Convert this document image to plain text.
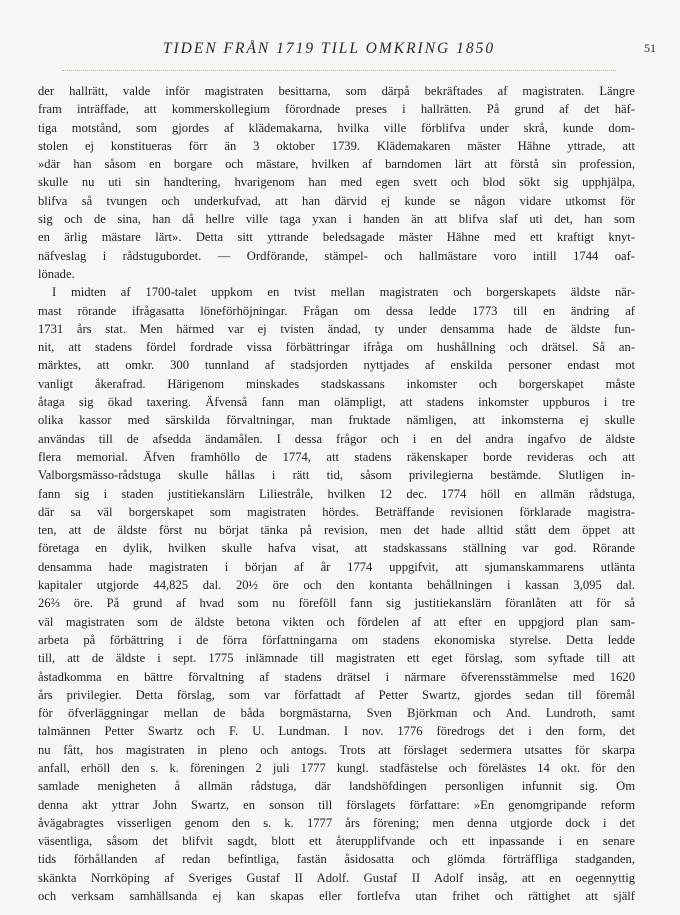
TIDEN FRÅN 1719 TILL OMKRING 1850	51
der hallrätt, valde inför magistraten besittarna, som därpå bekräftades af magistraten. Längre
fram inträffade, att kommerskollegium förordnade preses i hallrätten. På grund af det häf-
tiga motstånd, som gjordes af klädemakarna, hvilka ville förblifva under skrå, kunde dom-
stolen ej konstitueras förr än 3 oktober 1739. Klädemakaren mäster Hähne yttrade, att
»där han såsom en borgare och mästare, hvilken af barndomen lärt att förstå sin profession,
skulle nu uti sin handtering, hvarigenom han med egen svett och blod sökt sig upphjälpa,
blifva så tvungen och underkufvad, att han därvid ej kunde se någon vidare utkomst för
sig och de sina, han då hellre ville taga yxan i handen än att blifva slaf uti det, han som
en ärlig mästare lärt». Detta sitt yttrande beledsagade mäster Hähne med ett kraftigt knyt-
näfveslag i rådstugubordet. — Ordförande, stämpel- och hallmästare voro intill 1744 oaf-
lönade.
I midten af 1700-talet uppkom en tvist mellan magistraten och borgerskapets äldste när-
mast rörande ifrågasatta löneförhöjningar. Frågan om dessa ledde 1773 till en ändring af
1731 års stat. Men härmed var ej tvisten ändad, ty under densamma hade de äldste fun-
nit, att stadens fördel fordrade vissa förbättringar ifråga om hushållning och drätsel. Så an-
märktes, att omkr. 300 tunnland af stadsjorden nyttjades af enskilda personer endast mot
vanligt åkerafrad. Härigenom minskades stadskassans inkomster och borgerskapet måste
åtaga sig ökad taxering. Äfvenså fann man olämpligt, att stadens inkomster uppburos i tre
olika kassor med särskilda förvaltningar, man fruktade nämligen, att inkomsterna ej skulle
användas till de afsedda ändamålen. I dessa frågor och i en del andra ingafvo de äldste
flera memorial. Äfven framhöllo de 1774, att stadens räkenskaper borde revideras och att
Valborgsmässo-rådstuga skulle hållas i rätt tid, såsom privilegierna bestämde. Slutligen in-
fann sig i staden justitiekanslärn Liliestråle, hvilken 12 dec. 1774 höll en allmän rådstuga,
där sa väl borgerskapet som magistraten hördes. Beträffande revisionen förklarade magistra-
ten, att de äldste först nu börjat tänka på revision, men det hade alltid stått dem öppet att
företaga en dylik, hvilken skulle hafva visat, att stadskassans ställning var god. Rörande
densamma hade magistraten i början af år 1774 uppgifvit, att sjumanskammarens utlänta
kapitaler utgjorde 44,825 dal. 20½ öre och den kontanta behållningen i kassan 3,095 dal.
26⅔ öre. På grund af hvad som nu föreföll fann sig justitiekanslärn föranlåten att för så
väl magistraten som de äldste betona vikten och fördelen af att efter en uppgjord plan sam-
arbeta på förbättring i de förra författningarna om stadens ekonomiska styrelse. Detta ledde
till, att de äldste i sept. 1775 inlämnade till magistraten ett eget förslag, som syftade till att
åstadkomma en bättre förvaltning af stadens drätsel i närmare öfverensstämmelse med 1620
års privilegier. Detta förslag, som var författadt af Petter Swartz, gjordes sedan till föremål
för öfverläggningar mellan de båda borgmästarna, Sven Björkman och And. Lundroth, samt
talmännen Petter Swartz och F. U. Lundman. I nov. 1776 föredrogs det i den form, det
nu fått, hos magistraten in pleno och antogs. Trots att förslaget sedermera utsattes för skarpa
anfall, erhöll den s. k. föreningen 2 juli 1777 kungl. stadfästelse och förelästes 14 okt. för den
samlade menigheten å allmän rådstuga, där landshöfdingen personligen infunnit sig. Om
denna akt yttrar John Swartz, en sonson till förslagets författare: »En genomgripande reform
åvägabragtes visserligen genom den s. k. 1777 års förening; men denna utgjorde dock i det
väsentliga, såsom det blifvit sagdt, blott ett återupplifvande och ett inpassande i en senare
tids förhållanden af redan befintliga, fastän åsidosatta och glömda förträffliga stadganden,
skänkta Norrköping af Sveriges Gustaf II Adolf. Gustaf II Adolf insåg, att en oegennyttig
och verksam samhällsanda ej kan skapas eller fortlefva utan frihet och rättighet att själf
